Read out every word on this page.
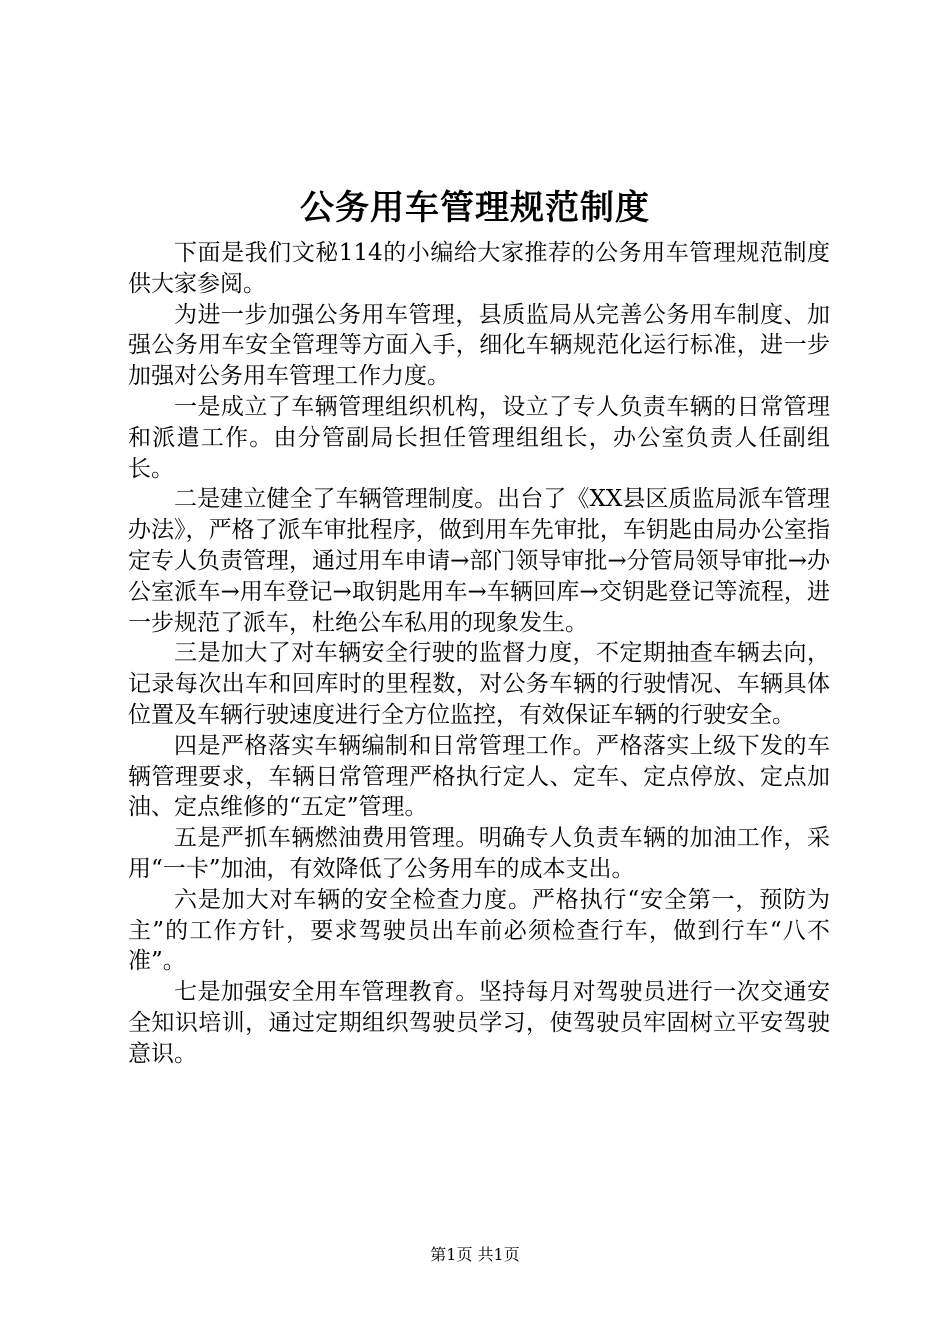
公务用车管理规范制度

下面是我们文秘114的小编给大家推荐的公务用车管理规范制度供大家参阅。

为进一步加强公务用车管理，县质监局从完善公务用车制度、加强公务用车安全管理等方面入手，细化车辆规范化运行标准，进一步加强对公务用车管理工作力度。

一是成立了车辆管理组织机构，设立了专人负责车辆的日常管理和派遣工作。由分管副局长担任管理组组长，办公室负责人任副组长。

二是建立健全了车辆管理制度。出台了《XX县区质监局派车管理办法》，严格了派车审批程序，做到用车先审批，车钥匙由局办公室指定专人负责管理，通过用车申请→部门领导审批→分管局领导审批→办公室派车→用车登记→取钥匙用车→车辆回库→交钥匙登记等流程，进一步规范了派车，杜绝公车私用的现象发生。

三是加大了对车辆安全行驶的监督力度，不定期抽查车辆去向，记录每次出车和回库时的里程数，对公务车辆的行驶情况、车辆具体位置及车辆行驶速度进行全方位监控，有效保证车辆的行驶安全。

四是严格落实车辆编制和日常管理工作。严格落实上级下发的车辆管理要求，车辆日常管理严格执行定人、定车、定点停放、定点加油、定点维修的“五定”管理。

五是严抓车辆燃油费用管理。明确专人负责车辆的加油工作，采用“一卡”加油，有效降低了公务用车的成本支出。

六是加大对车辆的安全检查力度。严格执行“安全第一，预防为主”的工作方针，要求驾驶员出车前必须检查行车，做到行车“八不准”。

七是加强安全用车管理教育。坚持每月对驾驶员进行一次交通安全知识培训，通过定期组织驾驶员学习，使驾驶员牢固树立平安驾驶意识。

第1页 共1页
